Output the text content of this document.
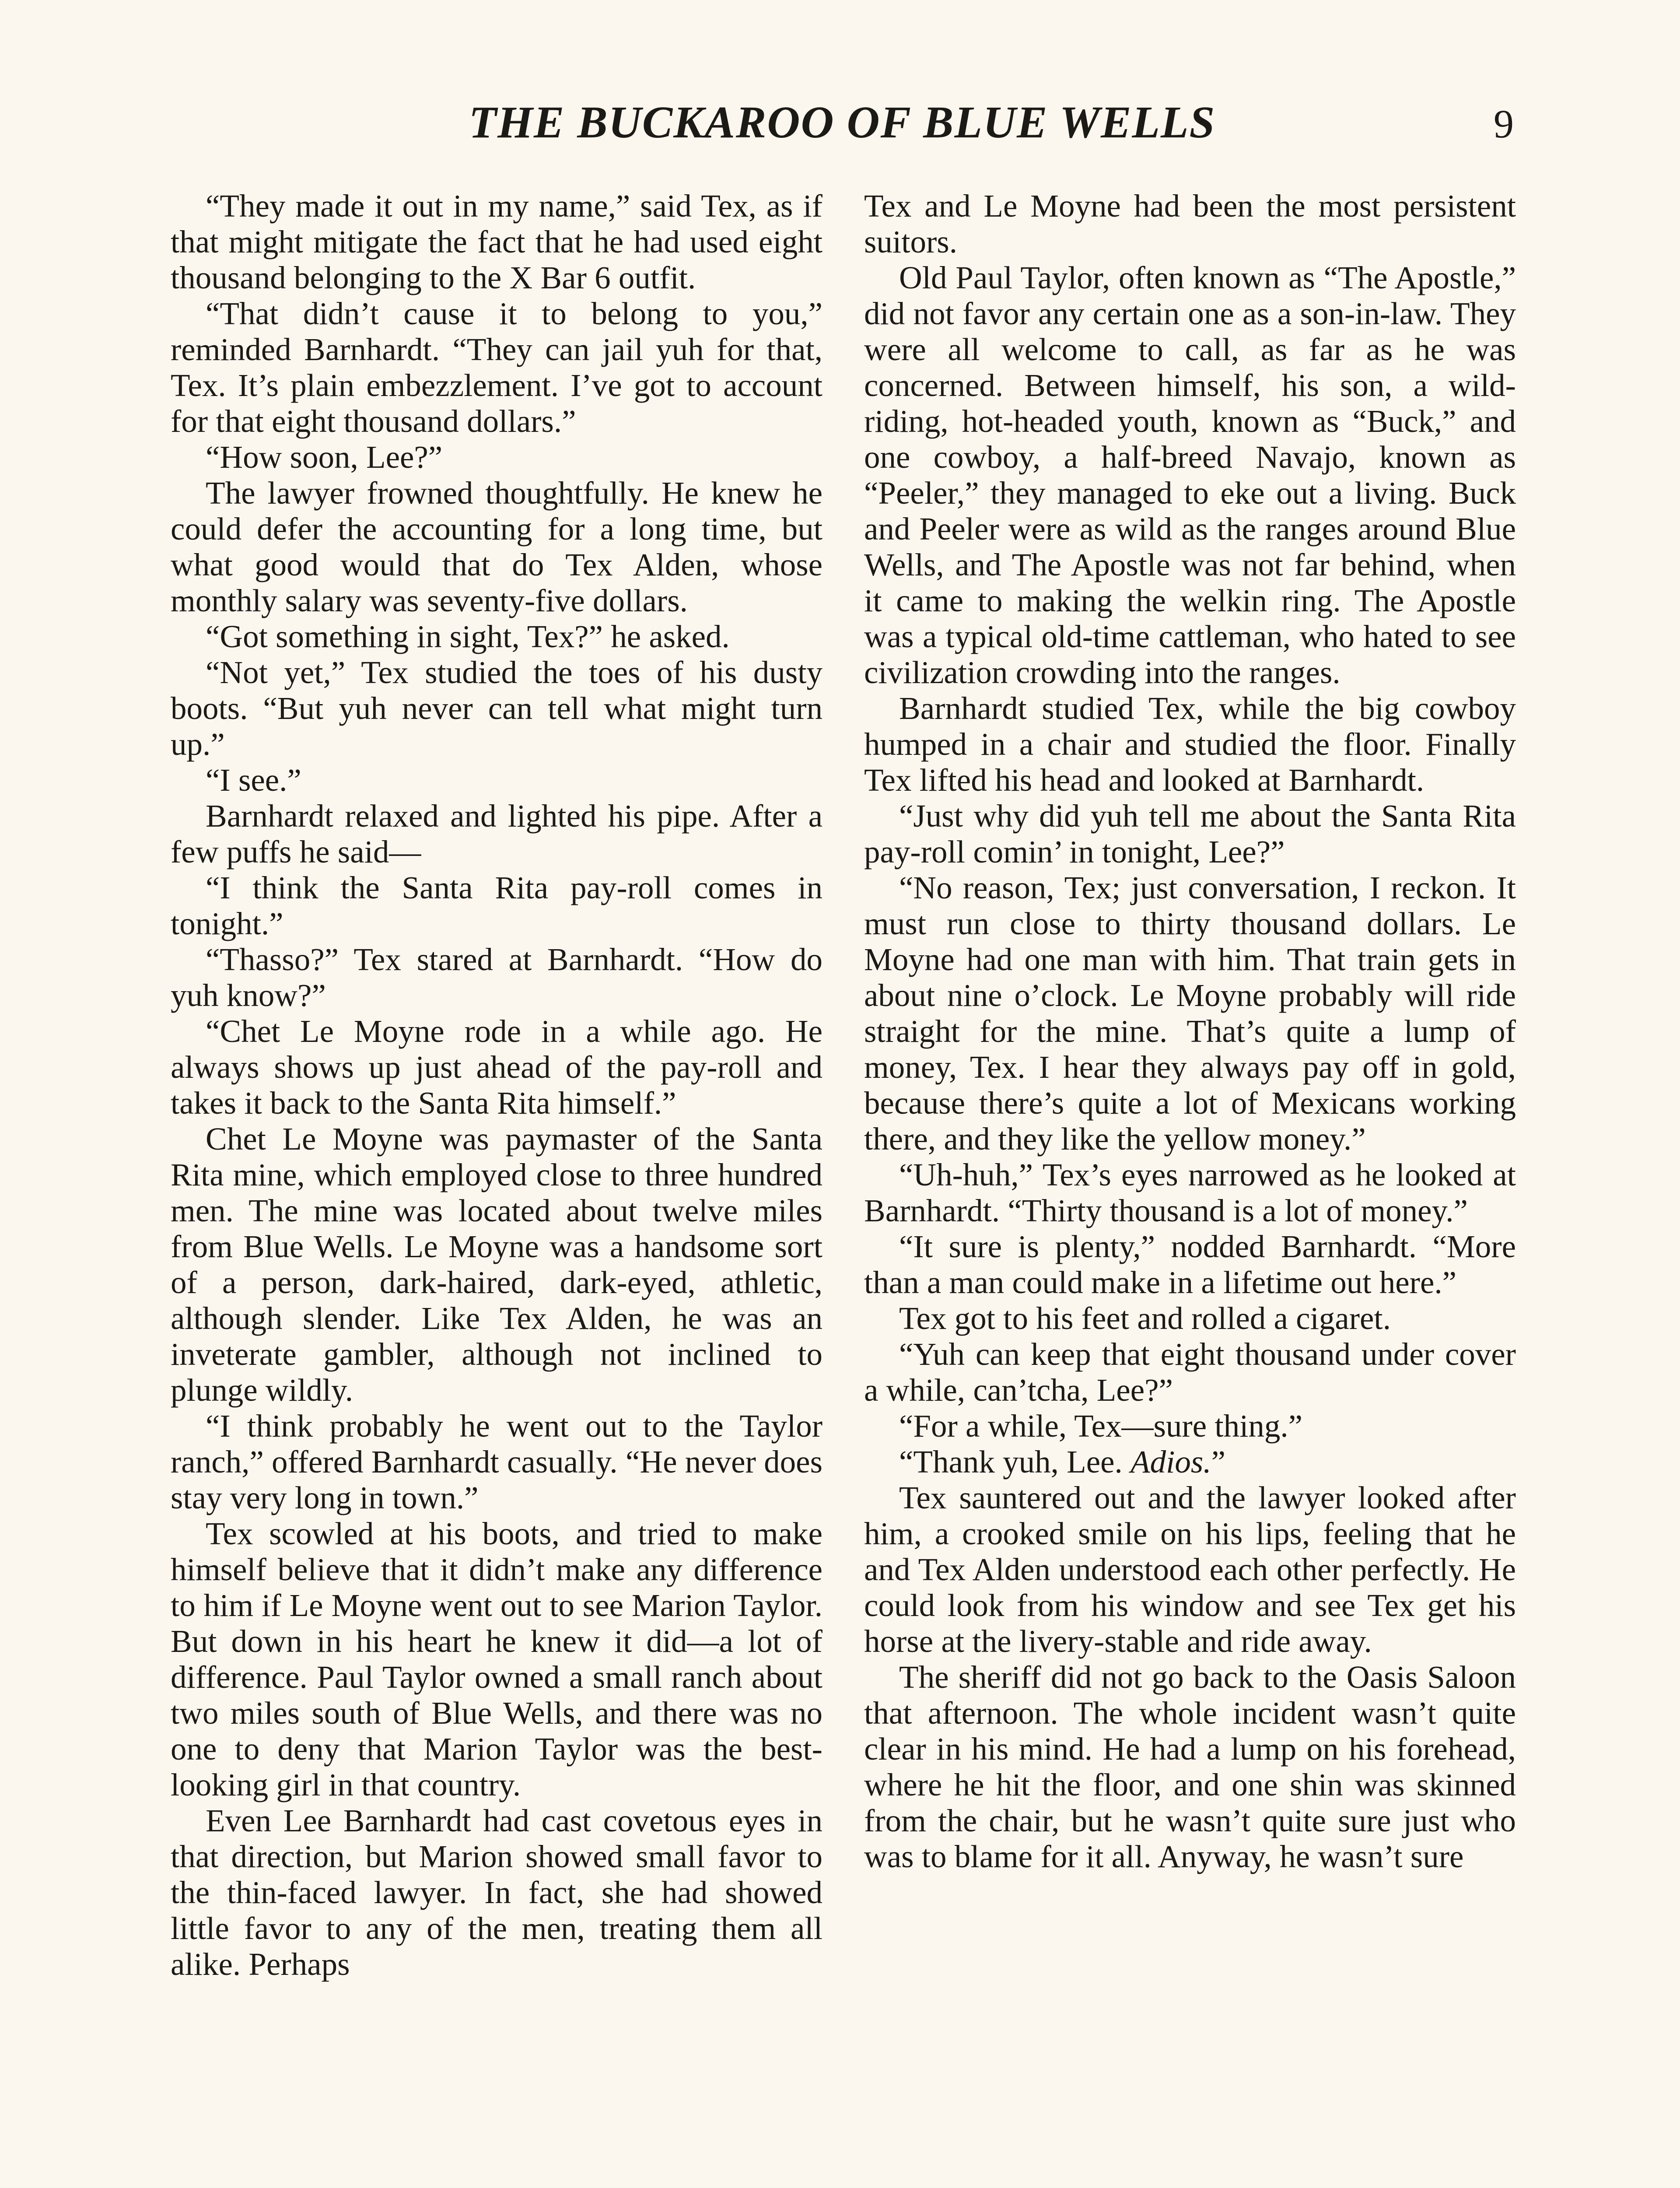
THE BUCKAROO OF BLUE WELLS	9

“They made it out in my name,” said Tex, as if that might mitigate the fact that he had used eight thousand belonging to the X Bar 6 outfit.

“That didn’t cause it to belong to you,” reminded Barnhardt. “They can jail yuh for that, Tex. It’s plain embezzlement. I’ve got to account for that eight thousand dollars.”

“How soon, Lee?”

The lawyer frowned thoughtfully. He knew he could defer the accounting for a long time, but what good would that do Tex Alden, whose monthly salary was seventy-five dollars.

“Got something in sight, Tex?” he asked.

“Not yet,” Tex studied the toes of his dusty boots. “But yuh never can tell what might turn up.”

“I see.”

Barnhardt relaxed and lighted his pipe. After a few puffs he said—

“I think the Santa Rita pay-roll comes in tonight.”

“Thasso?” Tex stared at Barnhardt. “How do yuh know?”

“Chet Le Moyne rode in a while ago. He always shows up just ahead of the pay-roll and takes it back to the Santa Rita himself.”

Chet Le Moyne was paymaster of the Santa Rita mine, which employed close to three hundred men. The mine was located about twelve miles from Blue Wells. Le Moyne was a handsome sort of a person, dark-haired, dark-eyed, athletic, although slender. Like Tex Alden, he was an inveterate gambler, although not inclined to plunge wildly.

“I think probably he went out to the Taylor ranch,” offered Barnhardt casually. “He never does stay very long in town.”

Tex scowled at his boots, and tried to make himself believe that it didn’t make any difference to him if Le Moyne went out to see Marion Taylor. But down in his heart he knew it did—a lot of difference. Paul Taylor owned a small ranch about two miles south of Blue Wells, and there was no one to deny that Marion Taylor was the best-looking girl in that country.

Even Lee Barnhardt had cast covetous eyes in that direction, but Marion showed small favor to the thin-faced lawyer. In fact, she had showed little favor to any of the men, treating them all alike. Perhaps

Tex and Le Moyne had been the most persistent suitors.

Old Paul Taylor, often known as “The Apostle,” did not favor any certain one as a son-in-law. They were all welcome to call, as far as he was concerned. Between himself, his son, a wild-riding, hot-headed youth, known as “Buck,” and one cowboy, a half-breed Navajo, known as “Peeler,” they managed to eke out a living. Buck and Peeler were as wild as the ranges around Blue Wells, and The Apostle was not far behind, when it came to making the welkin ring. The Apostle was a typical old-time cattleman, who hated to see civilization crowding into the ranges.

Barnhardt studied Tex, while the big cowboy humped in a chair and studied the floor. Finally Tex lifted his head and looked at Barnhardt.

“Just why did yuh tell me about the Santa Rita pay-roll comin’ in tonight, Lee?”

“No reason, Tex; just conversation, I reckon. It must run close to thirty thousand dollars. Le Moyne had one man with him. That train gets in about nine o’clock. Le Moyne probably will ride straight for the mine. That’s quite a lump of money, Tex. I hear they always pay off in gold, because there’s quite a lot of Mexicans working there, and they like the yellow money.”

“Uh-huh,” Tex’s eyes narrowed as he looked at Barnhardt. “Thirty thousand is a lot of money.”

“It sure is plenty,” nodded Barnhardt. “More than a man could make in a lifetime out here.”

Tex got to his feet and rolled a cigaret.

“Yuh can keep that eight thousand under cover a while, can’tcha, Lee?”

“For a while, Tex—sure thing.”

“Thank yuh, Lee. Adios.”

Tex sauntered out and the lawyer looked after him, a crooked smile on his lips, feeling that he and Tex Alden understood each other perfectly. He could look from his window and see Tex get his horse at the livery-stable and ride away.

The sheriff did not go back to the Oasis Saloon that afternoon. The whole incident wasn’t quite clear in his mind. He had a lump on his forehead, where he hit the floor, and one shin was skinned from the chair, but he wasn’t quite sure just who was to blame for it all. Anyway, he wasn’t sure
